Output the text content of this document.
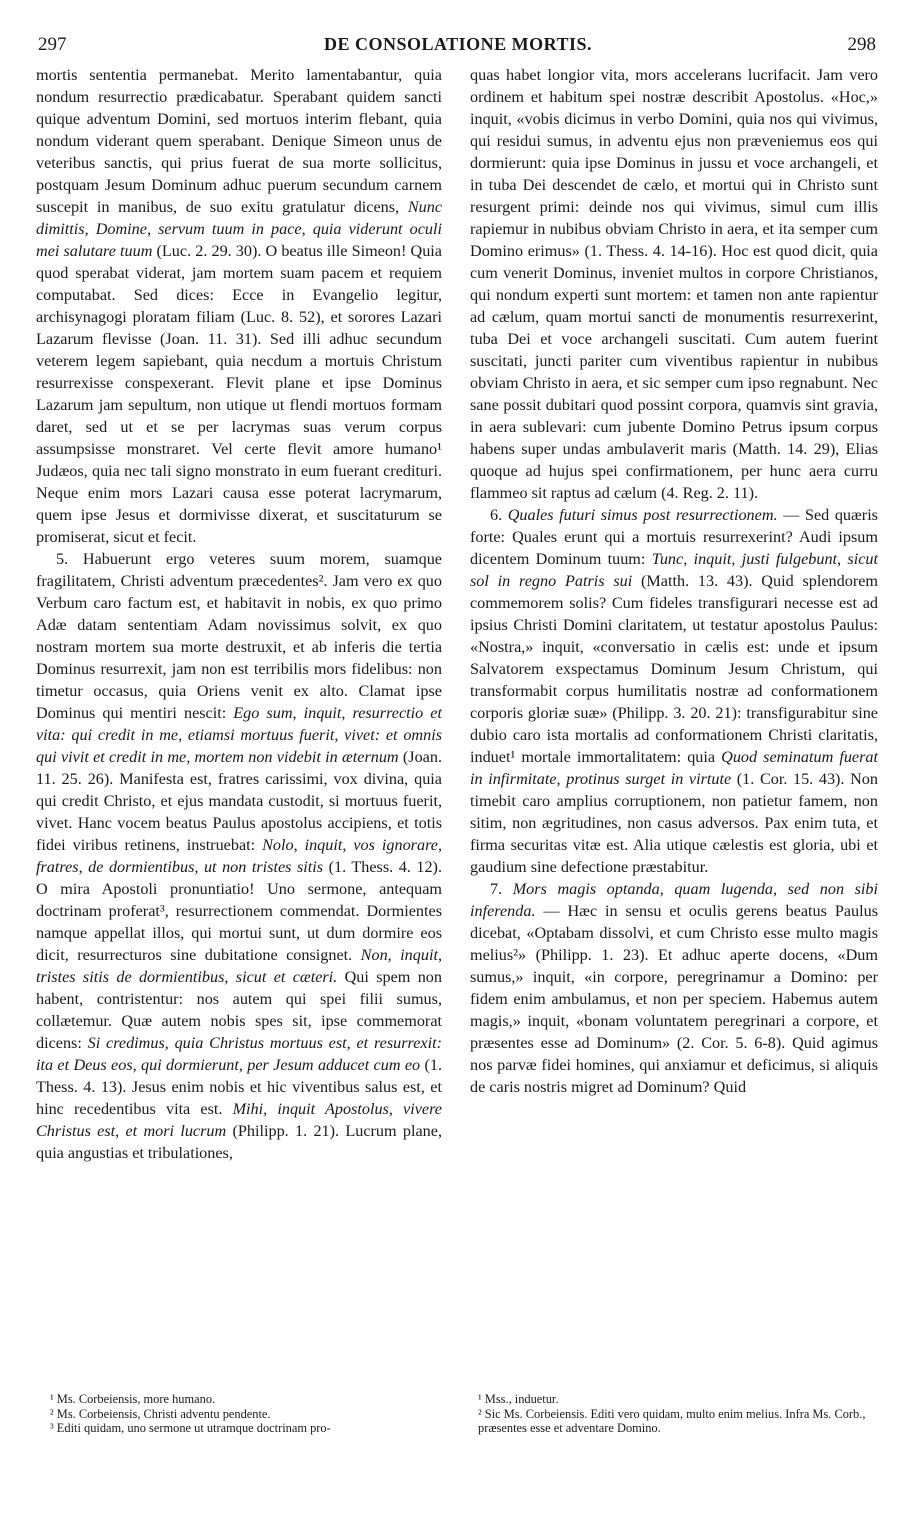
297	DE CONSOLATIONE MORTIS.	298

mortis sententia permanebat. Merito lamentabantur, quia nondum resurrectio prædicabatur. Sperabant quidem sancti quique adventum Domini, sed mortuos interim flebant, quia nondum viderant quem sperabant. Denique Simeon unus de veteribus sanctis, qui prius fuerat de sua morte sollicitus, postquam Jesum Dominum adhuc puerum secundum carnem suscepit in manibus, de suo exitu gratulatur dicens, Nunc dimittis, Domine, servum tuum in pace, quia viderunt oculi mei salutare tuum (Luc. 2. 29. 30). O beatus ille Simeon! Quia quod sperabat viderat, jam mortem suam pacem et requiem computabat. Sed dices: Ecce in Evangelio legitur, archisynagogi ploratam filiam (Luc. 8. 52), et sorores Lazari Lazarum flevisse (Joan. 11. 31). Sed illi adhuc secundum veterem legem sapiebant, quia necdum a mortuis Christum resurrexisse conspexerant. Flevit plane et ipse Dominus Lazarum jam sepultum, non utique ut flendi mortuos formam daret, sed ut et se per lacrymas suas verum corpus assumpsisse monstraret. Vel certe flevit amore humano¹ Judæos, quia nec tali signo monstrato in eum fuerant credituri. Neque enim mors Lazari causa esse poterat lacrymarum, quem ipse Jesus et dormivisse dixerat, et suscitaturum se promiserat, sicut et fecit.

5. Habuerunt ergo veteres suum morem, suamque fragilitatem, Christi adventum præcedentes². Jam vero ex quo Verbum caro factum est, et habitavit in nobis, ex quo primo Adæ datam sententiam Adam novissimus solvit, ex quo nostram mortem sua morte destruxit, et ab inferis die tertia Dominus resurrexit, jam non est terribilis mors fidelibus: non timetur occasus, quia Oriens venit ex alto. Clamat ipse Dominus qui mentiri nescit: Ego sum, inquit, resurrectio et vita: qui credit in me, etiamsi mortuus fuerit, vivet: et omnis qui vivit et credit in me, mortem non videbit in æternum (Joan. 11. 25. 26). Manifesta est, fratres carissimi, vox divina, quia qui credit Christo, et ejus mandata custodit, si mortuus fuerit, vivet. Hanc vocem beatus Paulus apostolus accipiens, et totis fidei viribus retinens, instruebat: Nolo, inquit, vos ignorare, fratres, de dormientibus, ut non tristes sitis (1. Thess. 4. 12). O mira Apostoli pronuntiatio! Uno sermone, antequam doctrinam proferat³, resurrectionem commendat. Dormientes namque appellat illos, qui mortui sunt, ut dum dormire eos dicit, resurrecturos sine dubitatione consignet. Non, inquit, tristes sitis de dormientibus, sicut et cæteri. Qui spem non habent, contristentur: nos autem qui spei filii sumus, collætemur. Quæ autem nobis spes sit, ipse commemorat dicens: Si credimus, quia Christus mortuus est, et resurrexit: ita et Deus eos, qui dormierunt, per Jesum adducet cum eo (1. Thess. 4. 13). Jesus enim nobis et hic viventibus salus est, et hinc recedentibus vita est. Mihi, inquit Apostolus, vivere Christus est, et mori lucrum (Philipp. 1. 21). Lucrum plane, quia angustias et tribulationes,

quas habet longior vita, mors accelerans lucrifacit. Jam vero ordinem et habitum spei nostræ describit Apostolus. «Hoc,» inquit, «vobis dicimus in verbo Domini, quia nos qui vivimus, qui residui sumus, in adventu ejus non præveniemus eos qui dormierunt: quia ipse Dominus in jussu et voce archangeli, et in tuba Dei descendet de cælo, et mortui qui in Christo sunt resurgent primi: deinde nos qui vivimus, simul cum illis rapiemur in nubibus obviam Christo in aera, et ita semper cum Domino erimus» (1. Thess. 4. 14-16). Hoc est quod dicit, quia cum venerit Dominus, inveniet multos in corpore Christianos, qui nondum experti sunt mortem: et tamen non ante rapientur ad cælum, quam mortui sancti de monumentis resurrexerint, tuba Dei et voce archangeli suscitati. Cum autem fuerint suscitati, juncti pariter cum viventibus rapientur in nubibus obviam Christo in aera, et sic semper cum ipso regnabunt. Nec sane possit dubitari quod possint corpora, quamvis sint gravia, in aera sublevari: cum jubente Domino Petrus ipsum corpus habens super undas ambulaverit maris (Matth. 14. 29), Elias quoque ad hujus spei confirmationem, per hunc aera curru flammeo sit raptus ad cælum (4. Reg. 2. 11).

6. Quales futuri simus post resurrectionem. — Sed quæris forte: Quales erunt qui a mortuis resurrexerint? Audi ipsum dicentem Dominum tuum: Tunc, inquit, justi fulgebunt, sicut sol in regno Patris sui (Matth. 13. 43). Quid splendorem commemorem solis? Cum fideles transfigurari necesse est ad ipsius Christi Domini claritatem, ut testatur apostolus Paulus: «Nostra,» inquit, «conversatio in cælis est: unde et ipsum Salvatorem exspectamus Dominum Jesum Christum, qui transformabit corpus humilitatis nostræ ad conformationem corporis gloriæ suæ» (Philipp. 3. 20. 21): transfigurabitur sine dubio caro ista mortalis ad conformationem Christi claritatis, induet¹ mortale immortalitatem: quia Quod seminatum fuerat in infirmitate, protinus surget in virtute (1. Cor. 15. 43). Non timebit caro amplius corruptionem, non patietur famem, non sitim, non ægritudines, non casus adversos. Pax enim tuta, et firma securitas vitæ est. Alia utique cælestis est gloria, ubi et gaudium sine defectione præstabitur.

7. Mors magis optanda, quam lugenda, sed non sibi inferenda. — Hæc in sensu et oculis gerens beatus Paulus dicebat, «Optabam dissolvi, et cum Christo esse multo magis melius²» (Philipp. 1. 23). Et adhuc aperte docens, «Dum sumus,» inquit, «in corpore, peregrinamur a Domino: per fidem enim ambulamus, et non per speciem. Habemus autem magis,» inquit, «bonam voluntatem peregrinari a corpore, et præsentes esse ad Dominum» (2. Cor. 5. 6-8). Quid agimus nos parvæ fidei homines, qui anxiamur et deficimus, si aliquis de caris nostris migret ad Dominum? Quid

¹ Ms. Corbeiensis, more humano.
² Ms. Corbeiensis, Christi adventu pendente.
³ Editi quidam, uno sermone ut utramque doctrinam pro-
¹ Mss., induetur.
² Sic Ms. Corbeiensis. Editi vero quidam, multo enim melius. Infra Ms. Corb., præsentes esse et adventare Domino.
